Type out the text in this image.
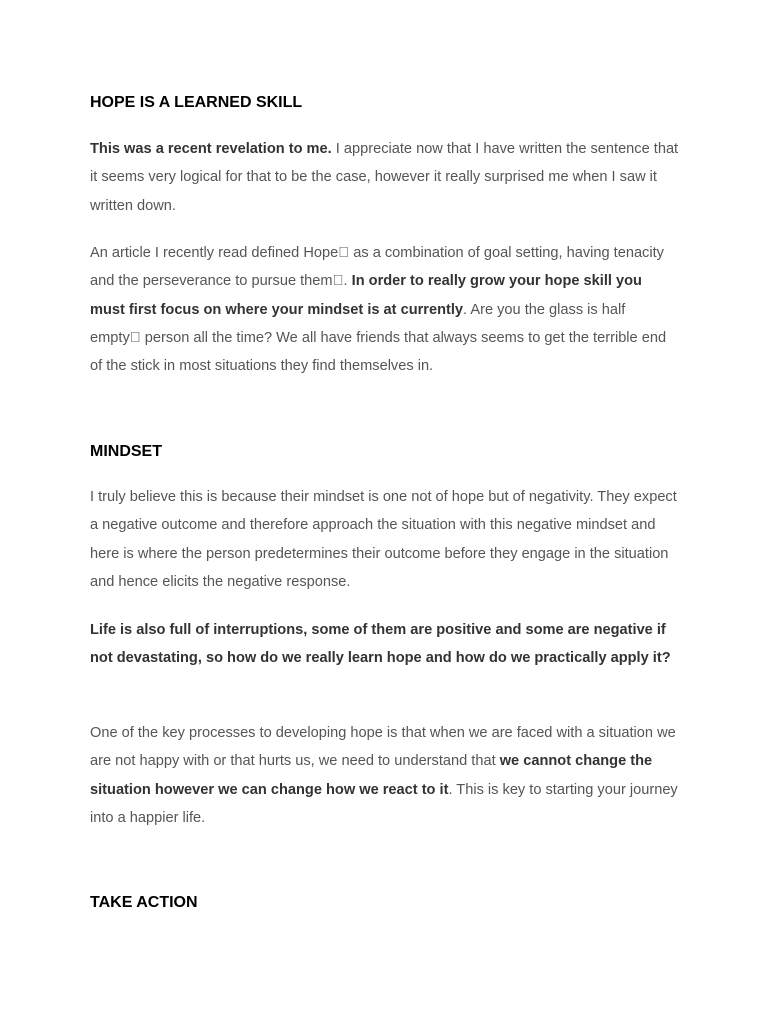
HOPE IS A LEARNED SKILL

This was a recent revelation to me. I appreciate now that I have written the sentence that it seems very logical for that to be the case, however it really surprised me when I saw it written down.

An article I recently read defined Hope  as a combination of goal setting, having tenacity and the perseverance to pursue them . In order to really grow your hope skill you must first focus on where your mindset is at currently. Are you the glass is half empty  person all the time? We all have friends that always seems to get the terrible end of the stick in most situations they find themselves in.

MINDSET

I truly believe this is because their mindset is one not of hope but of negativity. They expect a negative outcome and therefore approach the situation with this negative mindset and here is where the person predetermines their outcome before they engage in the situation and hence elicits the negative response.

Life is also full of interruptions, some of them are positive and some are negative if not devastating, so how do we really learn hope and how do we practically apply it?

One of the key processes to developing hope is that when we are faced with a situation we are not happy with or that hurts us, we need to understand that we cannot change the situation however we can change how we react to it. This is key to starting your journey into a happier life.

TAKE ACTION
